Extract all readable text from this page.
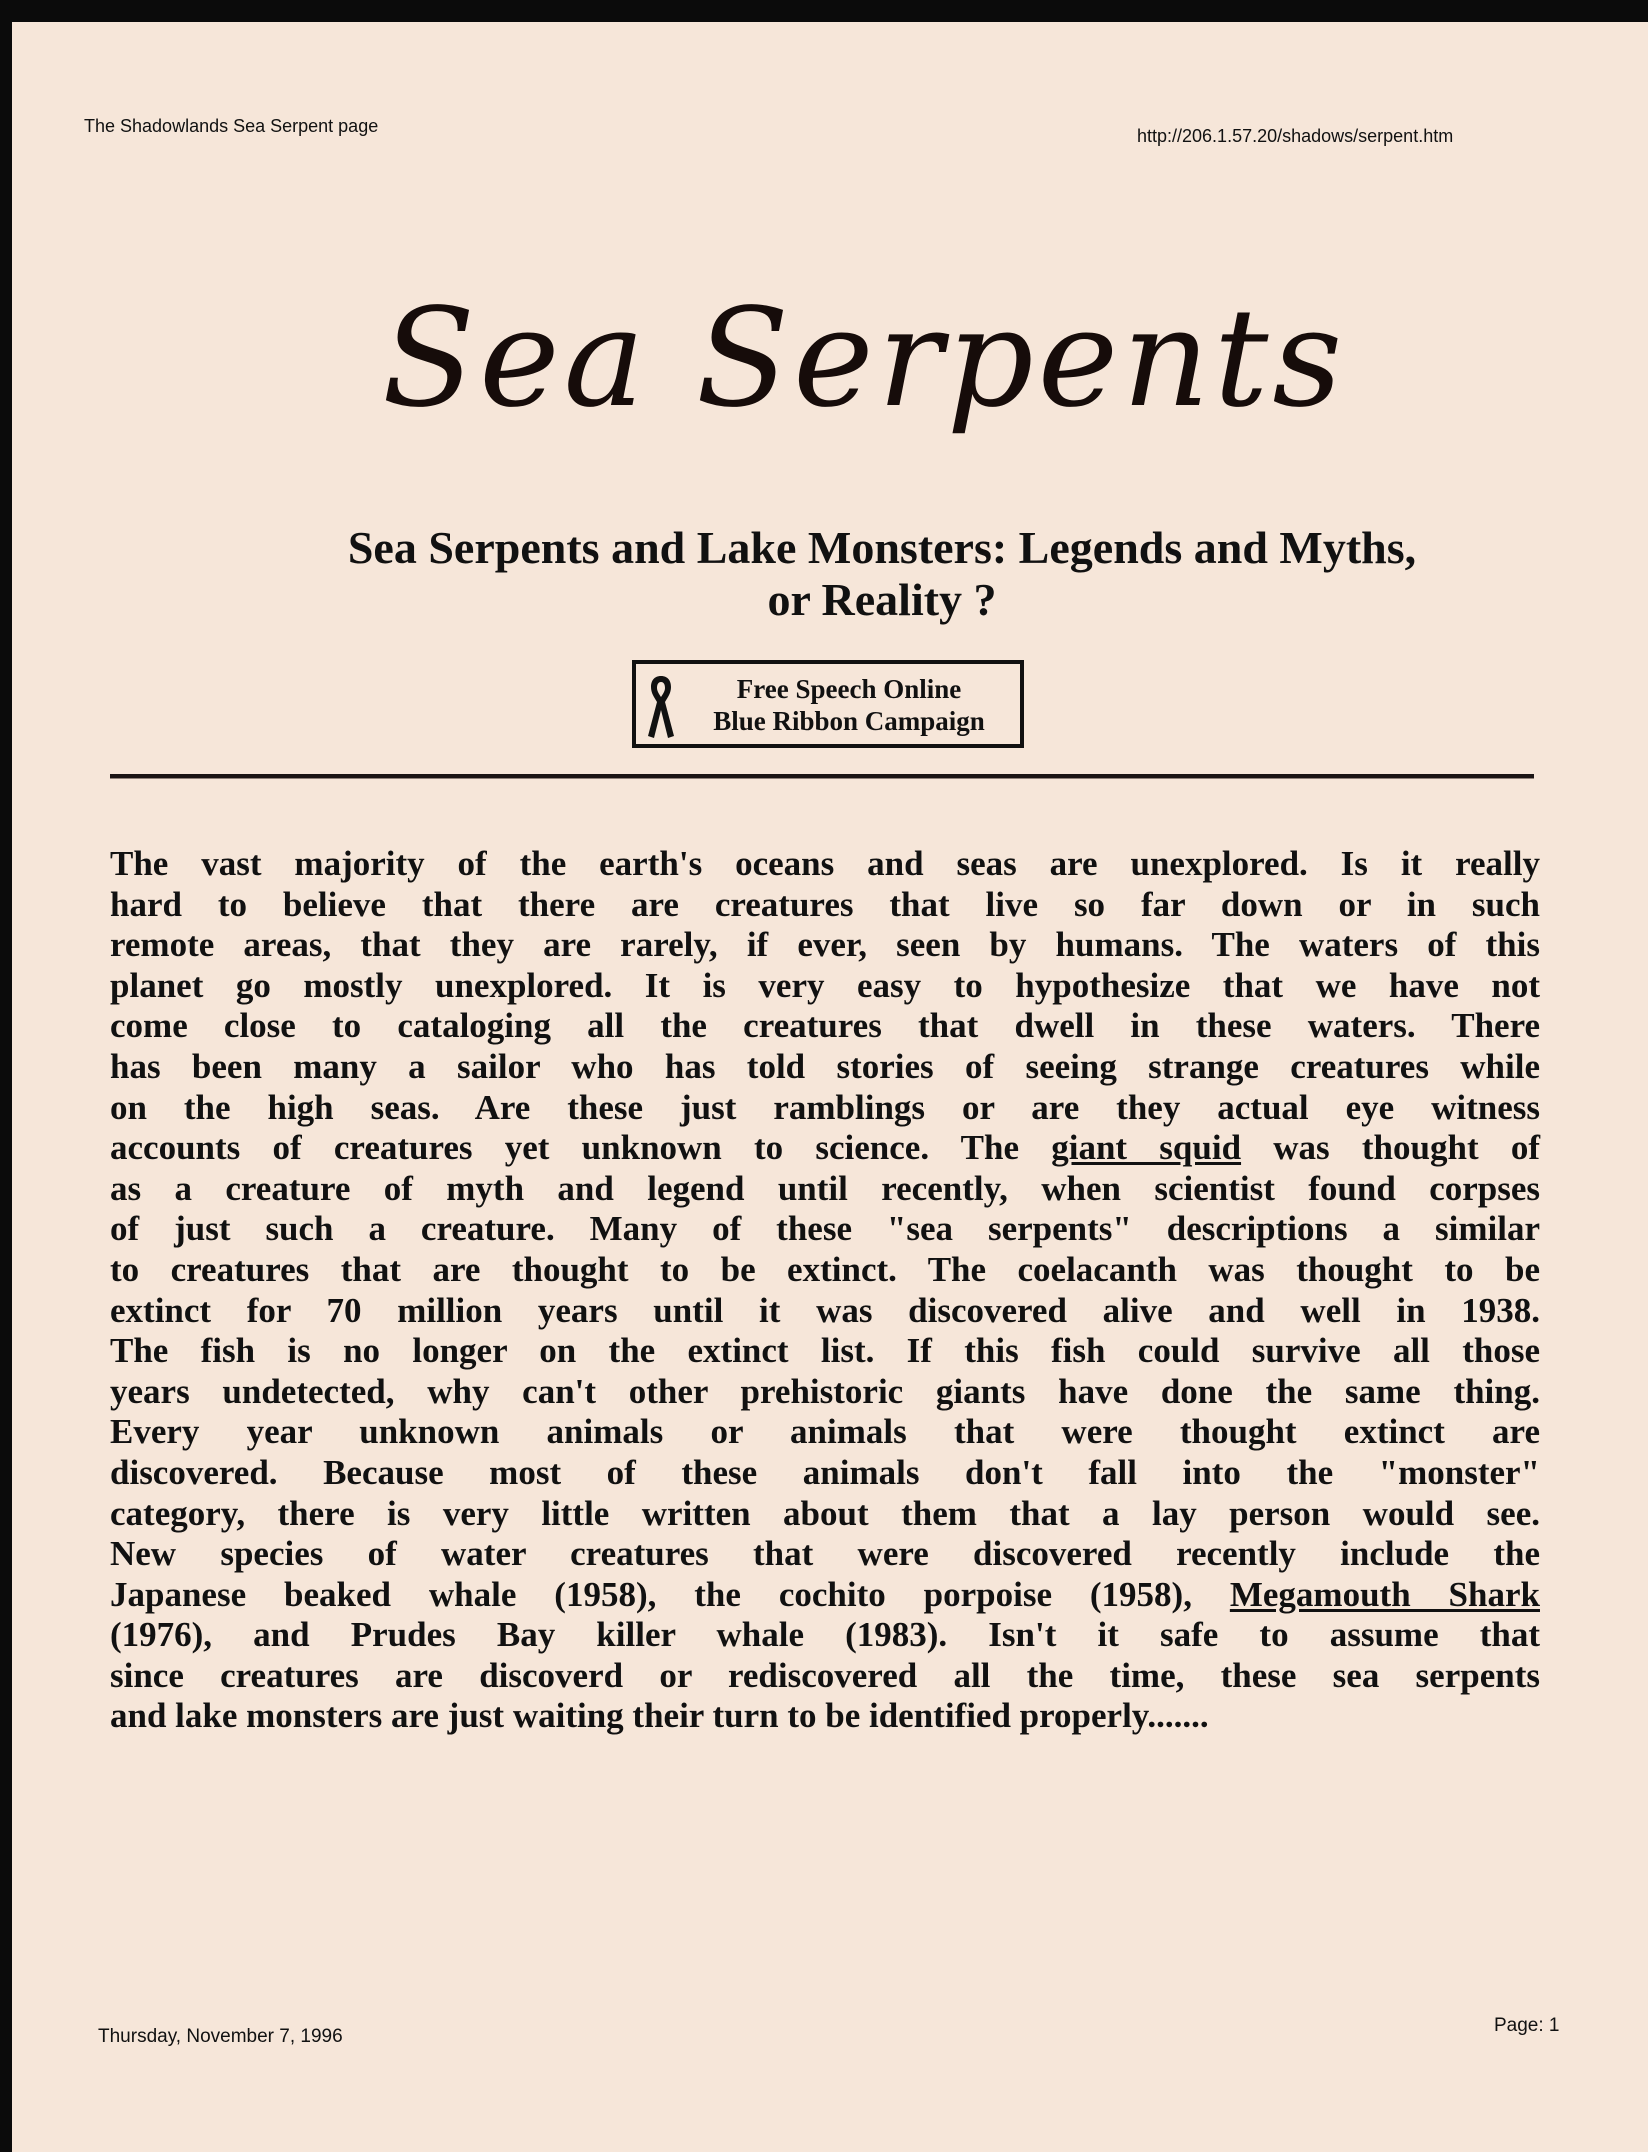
The Shadowlands Sea Serpent page	http://206.1.57.20/shadows/serpent.htm
Sea Serpents
Sea Serpents and Lake Monsters: Legends and Myths,
or Reality ?
Free Speech Online
Blue Ribbon Campaign
The vast majority of the earth's oceans and seas are unexplored. Is it really
hard to believe that there are creatures that live so far down or in such
remote areas, that they are rarely, if ever, seen by humans. The waters of this
planet go mostly unexplored. It is very easy to hypothesize that we have not
come close to cataloging all the creatures that dwell in these waters. There
has been many a sailor who has told stories of seeing strange creatures while
on the high seas. Are these just ramblings or are they actual eye witness
accounts of creatures yet unknown to science. The giant squid was thought of
as a creature of myth and legend until recently, when scientist found corpses
of just such a creature. Many of these "sea serpents" descriptions a similar
to creatures that are thought to be extinct. The coelacanth was thought to be
extinct for 70 million years until it was discovered alive and well in 1938.
The fish is no longer on the extinct list. If this fish could survive all those
years undetected, why can't other prehistoric giants have done the same thing.
Every year unknown animals or animals that were thought extinct are
discovered. Because most of these animals don't fall into the "monster"
category, there is very little written about them that a lay person would see.
New species of water creatures that were discovered recently include the
Japanese beaked whale (1958), the cochito porpoise (1958), Megamouth Shark
(1976), and Prudes Bay killer whale (1983). Isn't it safe to assume that
since creatures are discoverd or rediscovered all the time, these sea serpents
and lake monsters are just waiting their turn to be identified properly.......
Thursday, November 7, 1996
Page: 1
